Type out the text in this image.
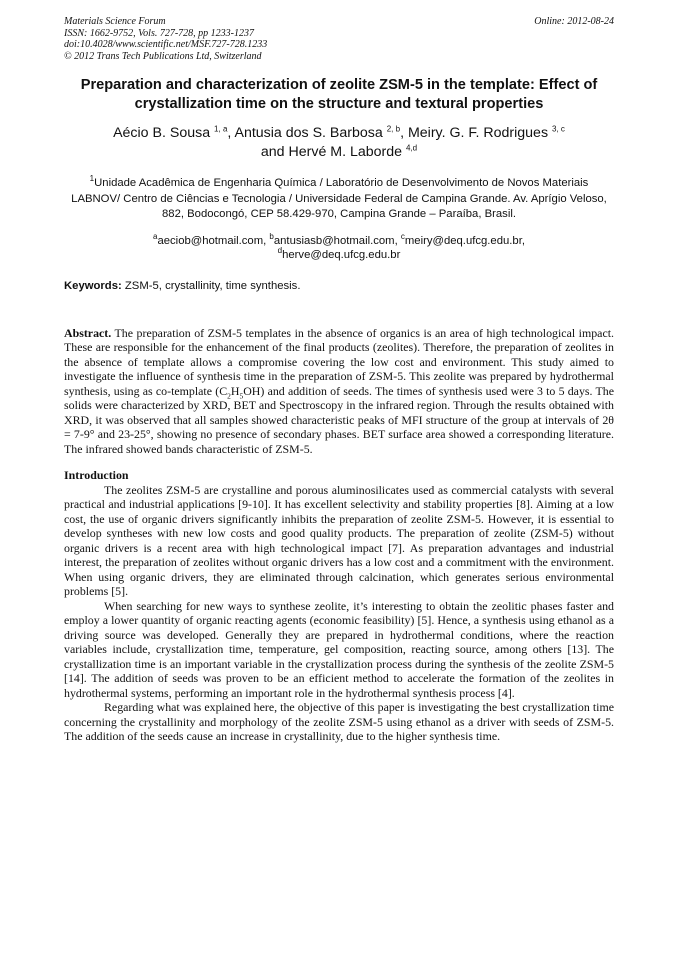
Materials Science Forum
ISSN: 1662-9752, Vols. 727-728, pp 1233-1237
doi:10.4028/www.scientific.net/MSF.727-728.1233
© 2012 Trans Tech Publications Ltd, Switzerland
Online: 2012-08-24
Preparation and characterization of zeolite ZSM-5 in the template: Effect of crystallization time on the structure and textural properties
Aécio B. Sousa $^{1, a}$, Antusia dos S. Barbosa $^{2, b}$, Meiry. G. F. Rodrigues $^{3, c}$
and Hervé M. Laborde $^{4,d}$
$^1$Unidade Acadêmica de Engenharia Química / Laboratório de Desenvolvimento de Novos Materiais LABNOV/ Centro de Ciências e Tecnologia / Universidade Federal de Campina Grande. Av. Aprígio Veloso, 882, Bodocongó, CEP 58.429-970, Campina Grande – Paraíba, Brasil.
$^a$aeciob@hotmail.com, $^b$antusiasb@hotmail.com, $^c$meiry@deq.ufcg.edu.br,
$^d$herve@deq.ufcg.edu.br
Keywords: ZSM-5, crystallinity, time synthesis.
Abstract. The preparation of ZSM-5 templates in the absence of organics is an area of high technological impact. These are responsible for the enhancement of the final products (zeolites). Therefore, the preparation of zeolites in the absence of template allows a compromise covering the low cost and environment. This study aimed to investigate the influence of synthesis time in the preparation of ZSM-5. This zeolite was prepared by hydrothermal synthesis, using as co-template $(C_2H_5OH)$ and addition of seeds. The times of synthesis used were 3 to 5 days. The solids were characterized by XRD, BET and Spectroscopy in the infrared region. Through the results obtained with XRD, it was observed that all samples showed characteristic peaks of MFI structure of the group at intervals of 2θ = 7-9° and 23-25°, showing no presence of secondary phases. BET surface area showed a corresponding literature. The infrared showed bands characteristic of ZSM-5.
Introduction

The zeolites ZSM-5 are crystalline and porous aluminosilicates used as commercial catalysts with several practical and industrial applications [9-10]. It has excellent selectivity and stability properties [8]. Aiming at a low cost, the use of organic drivers significantly inhibits the preparation of zeolite ZSM-5. However, it is essential to develop syntheses with new low costs and good quality products. The preparation of zeolite (ZSM-5) without organic drivers is a recent area with high technological impact [7]. As preparation advantages and industrial interest, the preparation of zeolites without organic drivers has a low cost and a commitment with the environment. When using organic drivers, they are eliminated through calcination, which generates serious environmental problems [5].

When searching for new ways to synthese zeolite, it’s interesting to obtain the zeolitic phases faster and employ a lower quantity of organic reacting agents (economic feasibility) [5]. Hence, a synthesis using ethanol as a driving source was developed. Generally they are prepared in hydrothermal conditions, where the reaction variables include, crystallization time, temperature, gel composition, reacting source, among others [13]. The crystallization time is an important variable in the crystallization process during the synthesis of the zeolite ZSM-5 [14]. The addition of seeds was proven to be an efficient method to accelerate the formation of the zeolites in hydrothermal systems, performing an important role in the hydrothermal synthesis process [4].

Regarding what was explained here, the objective of this paper is investigating the best crystallization time concerning the crystallinity and morphology of the zeolite ZSM-5 using ethanol as a driver with seeds of ZSM-5. The addition of the seeds cause an increase in crystallinity, due to the higher synthesis time.
